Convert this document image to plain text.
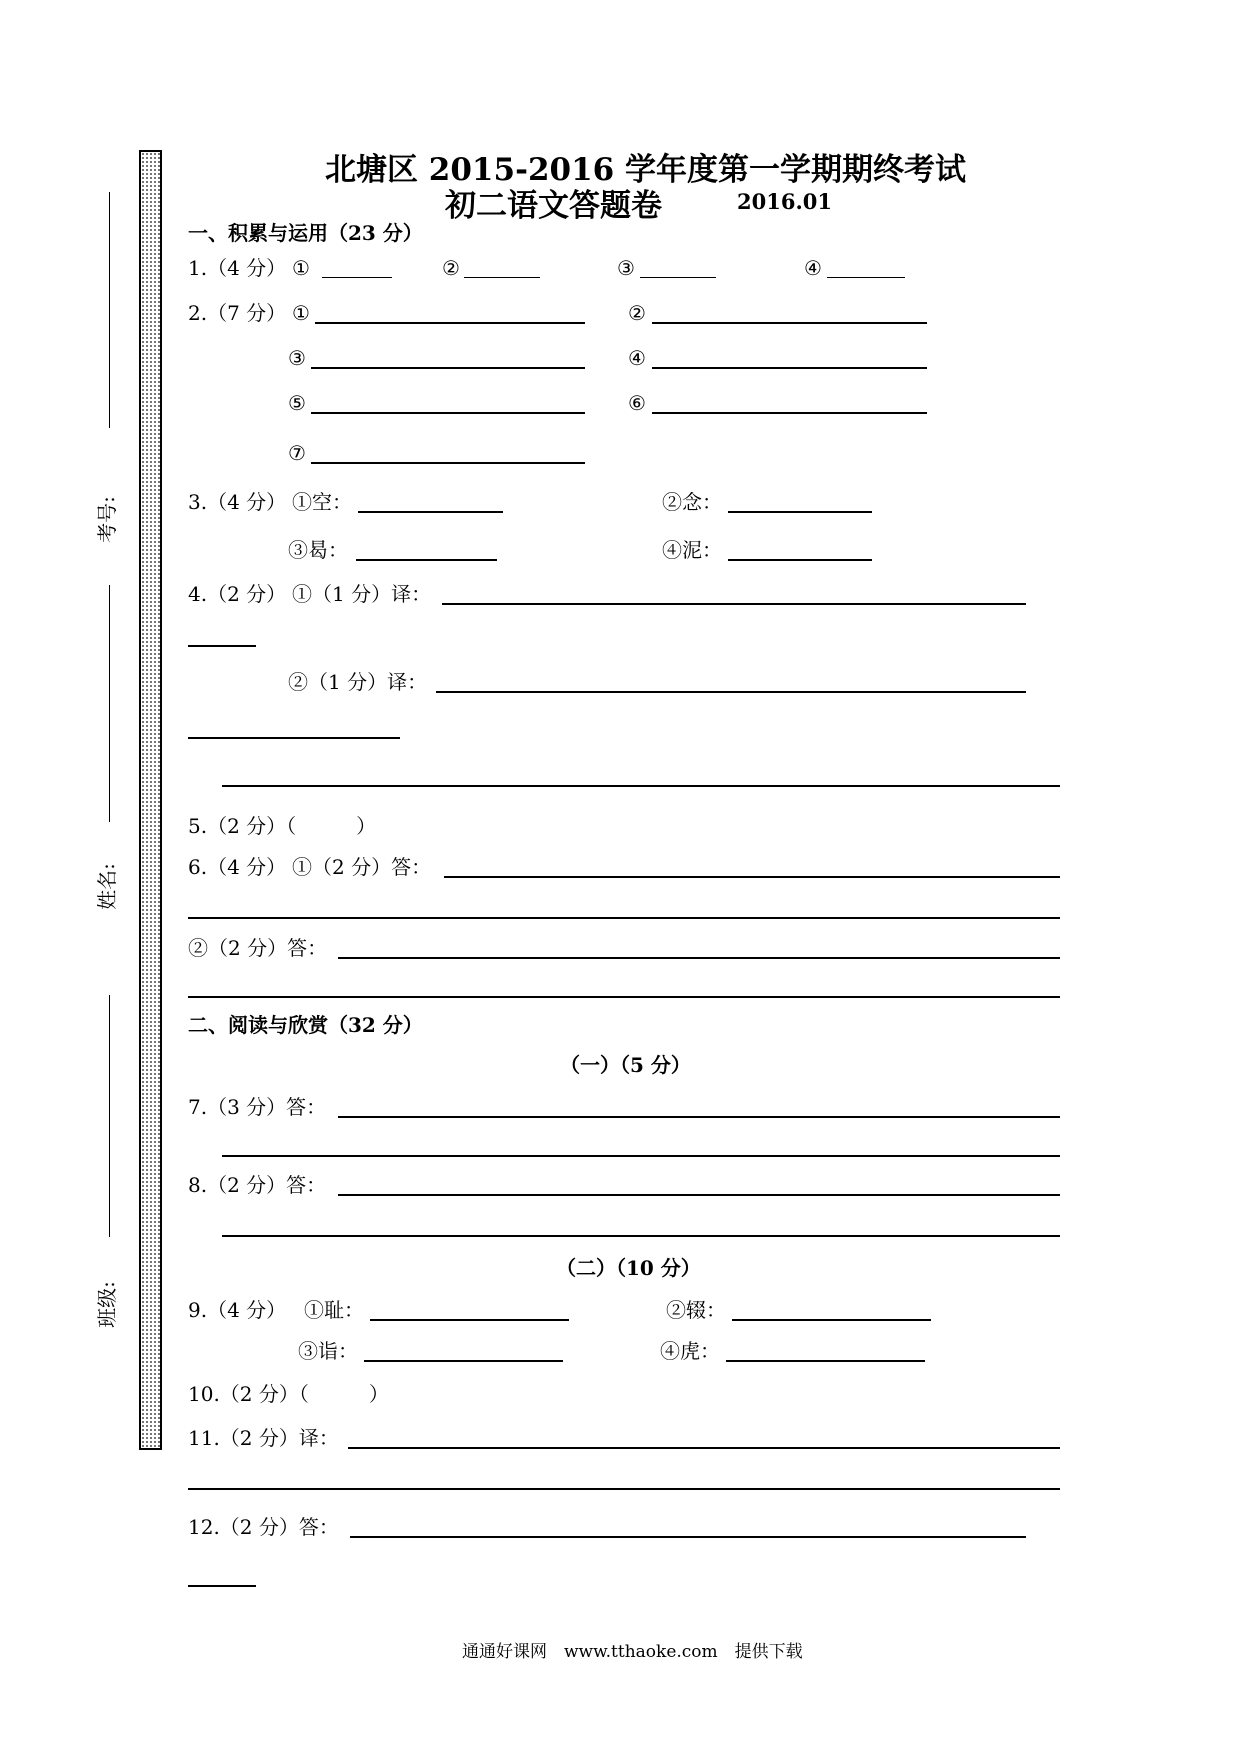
北塘区 2015-2016 学年度第一学期期终考试
初二语文答题卷	2016.01
考号:
姓名:
班级:
一、积累与运用（23 分）
1.（4 分） ①	②	③	④
2.（7 分） ①	②
③	④
⑤	⑥
⑦
3.（4 分） ①空：	②念：
③曷：	④泥：
4.（2 分） ①（1 分）译：
②（1 分）译：
5.（2 分）（　　　）
6.（4 分） ①（2 分）答：
②（2 分）答：
二、阅读与欣赏（32 分）
（一）（5 分）
7.（3 分）答：
8.（2 分）答：
（二）（10 分）
9.（4 分） ①耻：	②辍：
③诣：	④虎：
10.（2 分）（　　　）
11.（2 分）译：
12.（2 分）答：
通通好课网　www.tthaoke.com　提供下载
